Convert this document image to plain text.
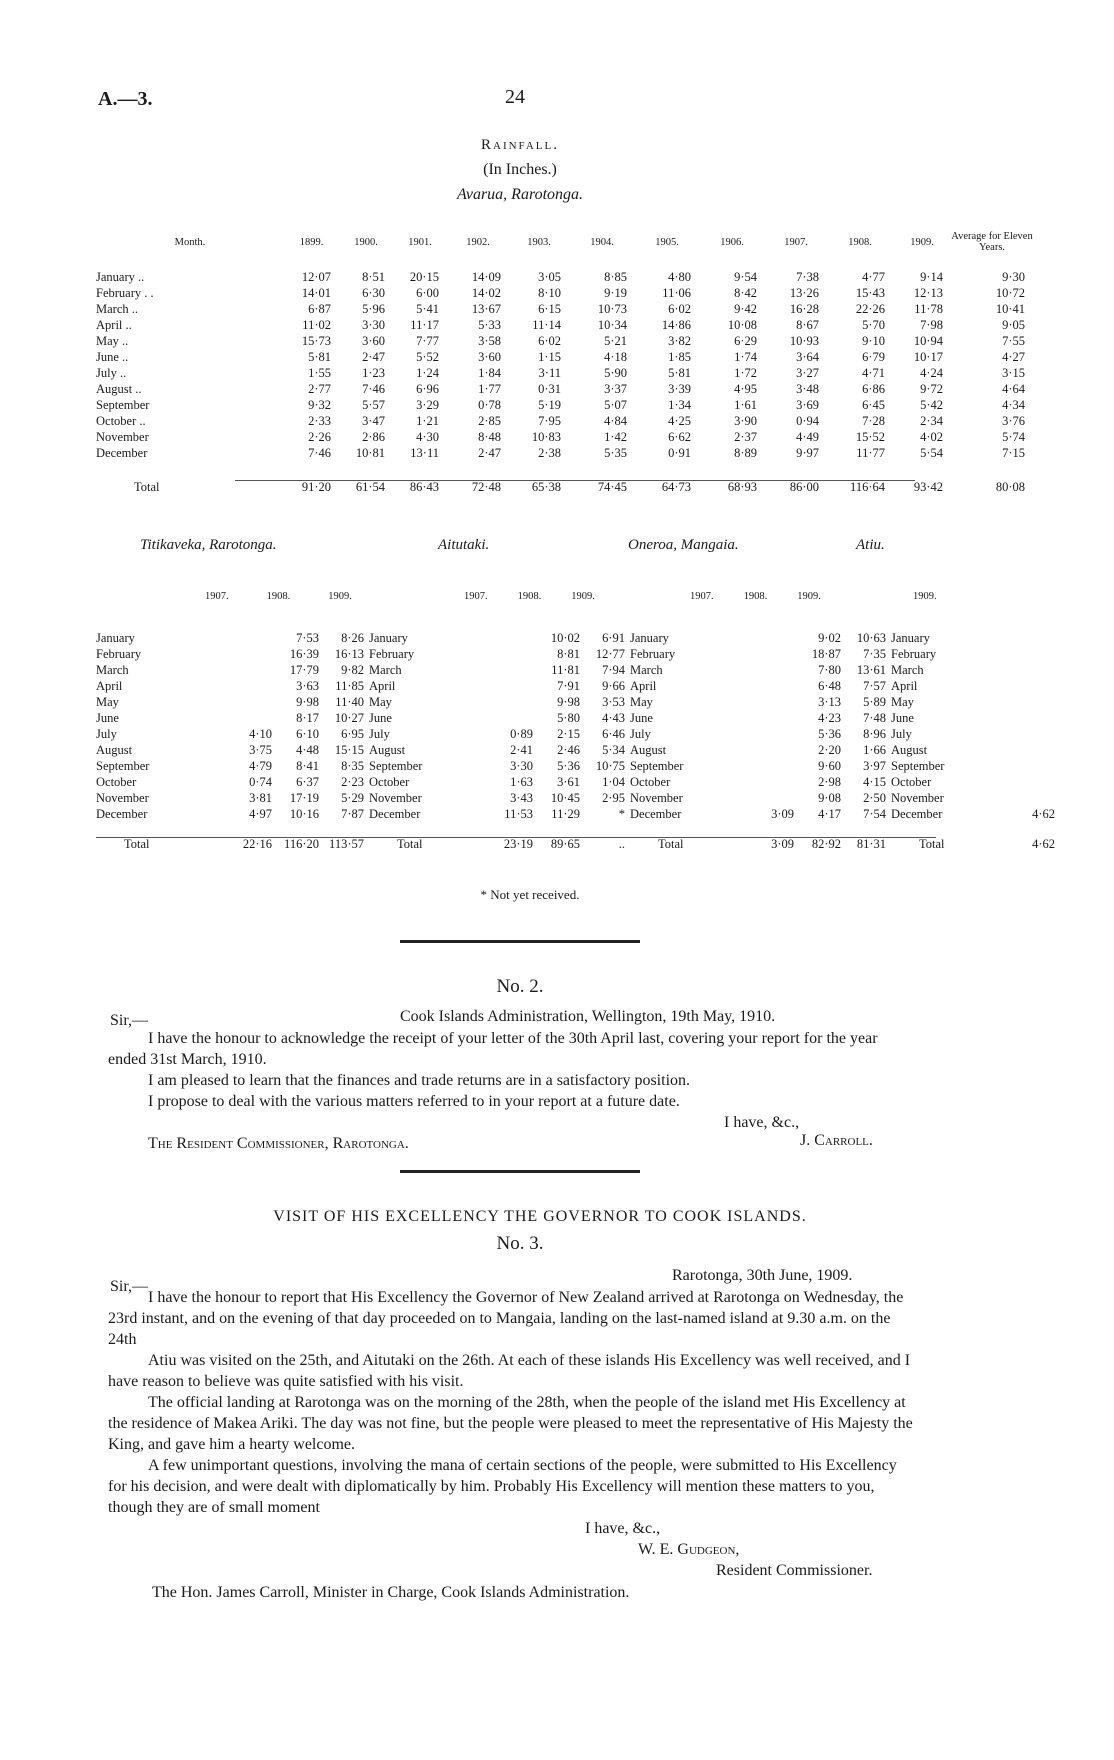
A.—3.	24
Rainfall.
(In Inches.)
Avarua, Rarotonga.
Month.	1899.	1900.	1901.	1902.	1903.	1904.	1905.	1906.	1907.	1908.	1909.	Average for Eleven Years.
January ..	12·07	8·51	20·15	14·09	3·05	8·85	4·80	9·54	7·38	4·77	9·14	9·30
February . .	14·01	6·30	6·00	14·02	8·10	9·19	11·06	8·42	13·26	15·43	12·13	10·72
March ..	6·87	5·96	5·41	13·67	6·15	10·73	6·02	9·42	16·28	22·26	11·78	10·41
April ..	11·02	3·30	11·17	5·33	11·14	10·34	14·86	10·08	8·67	5·70	7·98	9·05
May ..	15·73	3·60	7·77	3·58	6·02	5·21	3·82	6·29	10·93	9·10	10·94	7·55
June ..	5·81	2·47	5·52	3·60	1·15	4·18	1·85	1·74	3·64	6·79	10·17	4·27
July ..	1·55	1·23	1·24	1·84	3·11	5·90	5·81	1·72	3·27	4·71	4·24	3·15
August ..	2·77	7·46	6·96	1·77	0·31	3·37	3·39	4·95	3·48	6·86	9·72	4·64
September	9·32	5·57	3·29	0·78	5·19	5·07	1·34	1·61	3·69	6·45	5·42	4·34
October ..	2·33	3·47	1·21	2·85	7·95	4·84	4·25	3·90	0·94	7·28	2·34	3·76
November	2·26	2·86	4·30	8·48	10·83	1·42	6·62	2·37	4·49	15·52	4·02	5·74
December	7·46	10·81	13·11	2·47	2·38	5·35	0·91	8·89	9·97	11·77	5·54	7·15
Total	91·20	61·54	86·43	72·48	65·38	74·45	64·73	68·93	86·00	116·64	93·42	80·08
Titikaveka, Rarotonga.	Aitutaki.	Oneroa, Mangaia.	Atiu.
1907.	1908.	1909.	1907.	1908.	1909.	1907.	1908.	1909.	1909.
January		7·53	8·26	January		10·02	6·91	January		9·02	10·63	January	
February		16·39	16·13	February		8·81	12·77	February		18·87	7·35	February	
March		17·79	9·82	March		11·81	7·94	March		7·80	13·61	March	
April		3·63	11·85	April		7·91	9·66	April		6·48	7·57	April	
May		9·98	11·40	May		9·98	3·53	May		3·13	5·89	May	
June		8·17	10·27	June		5·80	4·43	June		4·23	7·48	June	
July	4·10	6·10	6·95	July	0·89	2·15	6·46	July		5·36	8·96	July	
August	3·75	4·48	15·15	August	2·41	2·46	5·34	August		2·20	1·66	August	
September	4·79	8·41	8·35	September	3·30	5·36	10·75	September		9·60	3·97	September	
October	0·74	6·37	2·23	October	1·63	3·61	1·04	October		2·98	4·15	October	
November	3·81	17·19	5·29	November	3·43	10·45	2·95	November		9·08	2·50	November	
December	4·97	10·16	7·87	December	11·53	11·29	*	December	3·09	4·17	7·54	December	4·62
Total	22·16	116·20	113·57	Total	23·19	89·65	..	Total	3·09	82·92	81·31	Total	4·62
* Not yet received.
No. 2.
Sir,—	Cook Islands Administration, Wellington, 19th May, 1910.
I have the honour to acknowledge the receipt of your letter of the 30th April last, covering your report for the year ended 31st March, 1910.
I am pleased to learn that the finances and trade returns are in a satisfactory position.
I propose to deal with the various matters referred to in your report at a future date.
I have, &c.,
The Resident Commissioner, Rarotonga.	J. Carroll.
VISIT OF HIS EXCELLENCY THE GOVERNOR TO COOK ISLANDS.
No. 3.
Sir,—
Rarotonga, 30th June, 1909.
I have the honour to report that His Excellency the Governor of New Zealand arrived at Rarotonga on Wednesday, the 23rd instant, and on the evening of that day proceeded on to Mangaia, landing on the last-named island at 9.30 a.m. on the 24th
Atiu was visited on the 25th, and Aitutaki on the 26th. At each of these islands His Excellency was well received, and I have reason to believe was quite satisfied with his visit.
The official landing at Rarotonga was on the morning of the 28th, when the people of the island met His Excellency at the residence of Makea Ariki. The day was not fine, but the people were pleased to meet the representative of His Majesty the King, and gave him a hearty welcome.
A few unimportant questions, involving the mana of certain sections of the people, were submitted to His Excellency for his decision, and were dealt with diplomatically by him. Probably His Excellency will mention these matters to you, though they are of small moment
I have, &c.,
W. E. Gudgeon,
Resident Commissioner.
The Hon. James Carroll, Minister in Charge, Cook Islands Administration.
